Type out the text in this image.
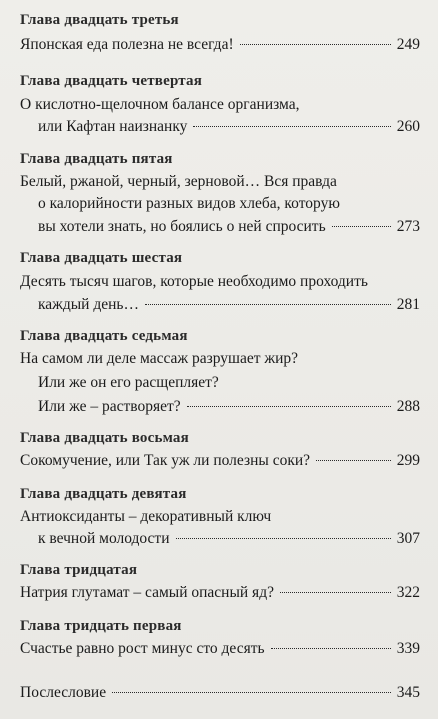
Глава двадцать третья
Японская еда полезна не всегда!	249
Глава двадцать четвертая
О кислотно-щелочном балансе организма,
или Кафтан наизнанку	260
Глава двадцать пятая
Белый, ржаной, черный, зерновой… Вся правда
о калорийности разных видов хлеба, которую
вы хотели знать, но боялись о ней спросить	273
Глава двадцать шестая
Десять тысяч шагов, которые необходимо проходить
каждый день…	281
Глава двадцать седьмая
На самом ли деле массаж разрушает жир?
Или же он его расщепляет?
Или же – растворяет?	288
Глава двадцать восьмая
Сокомучение, или Так уж ли полезны соки?	299
Глава двадцать девятая
Антиоксиданты – декоративный ключ
к вечной молодости	307
Глава тридцатая
Натрия глутамат – самый опасный яд?	322
Глава тридцать первая
Счастье равно рост минус сто десять	339
Послесловие	345
